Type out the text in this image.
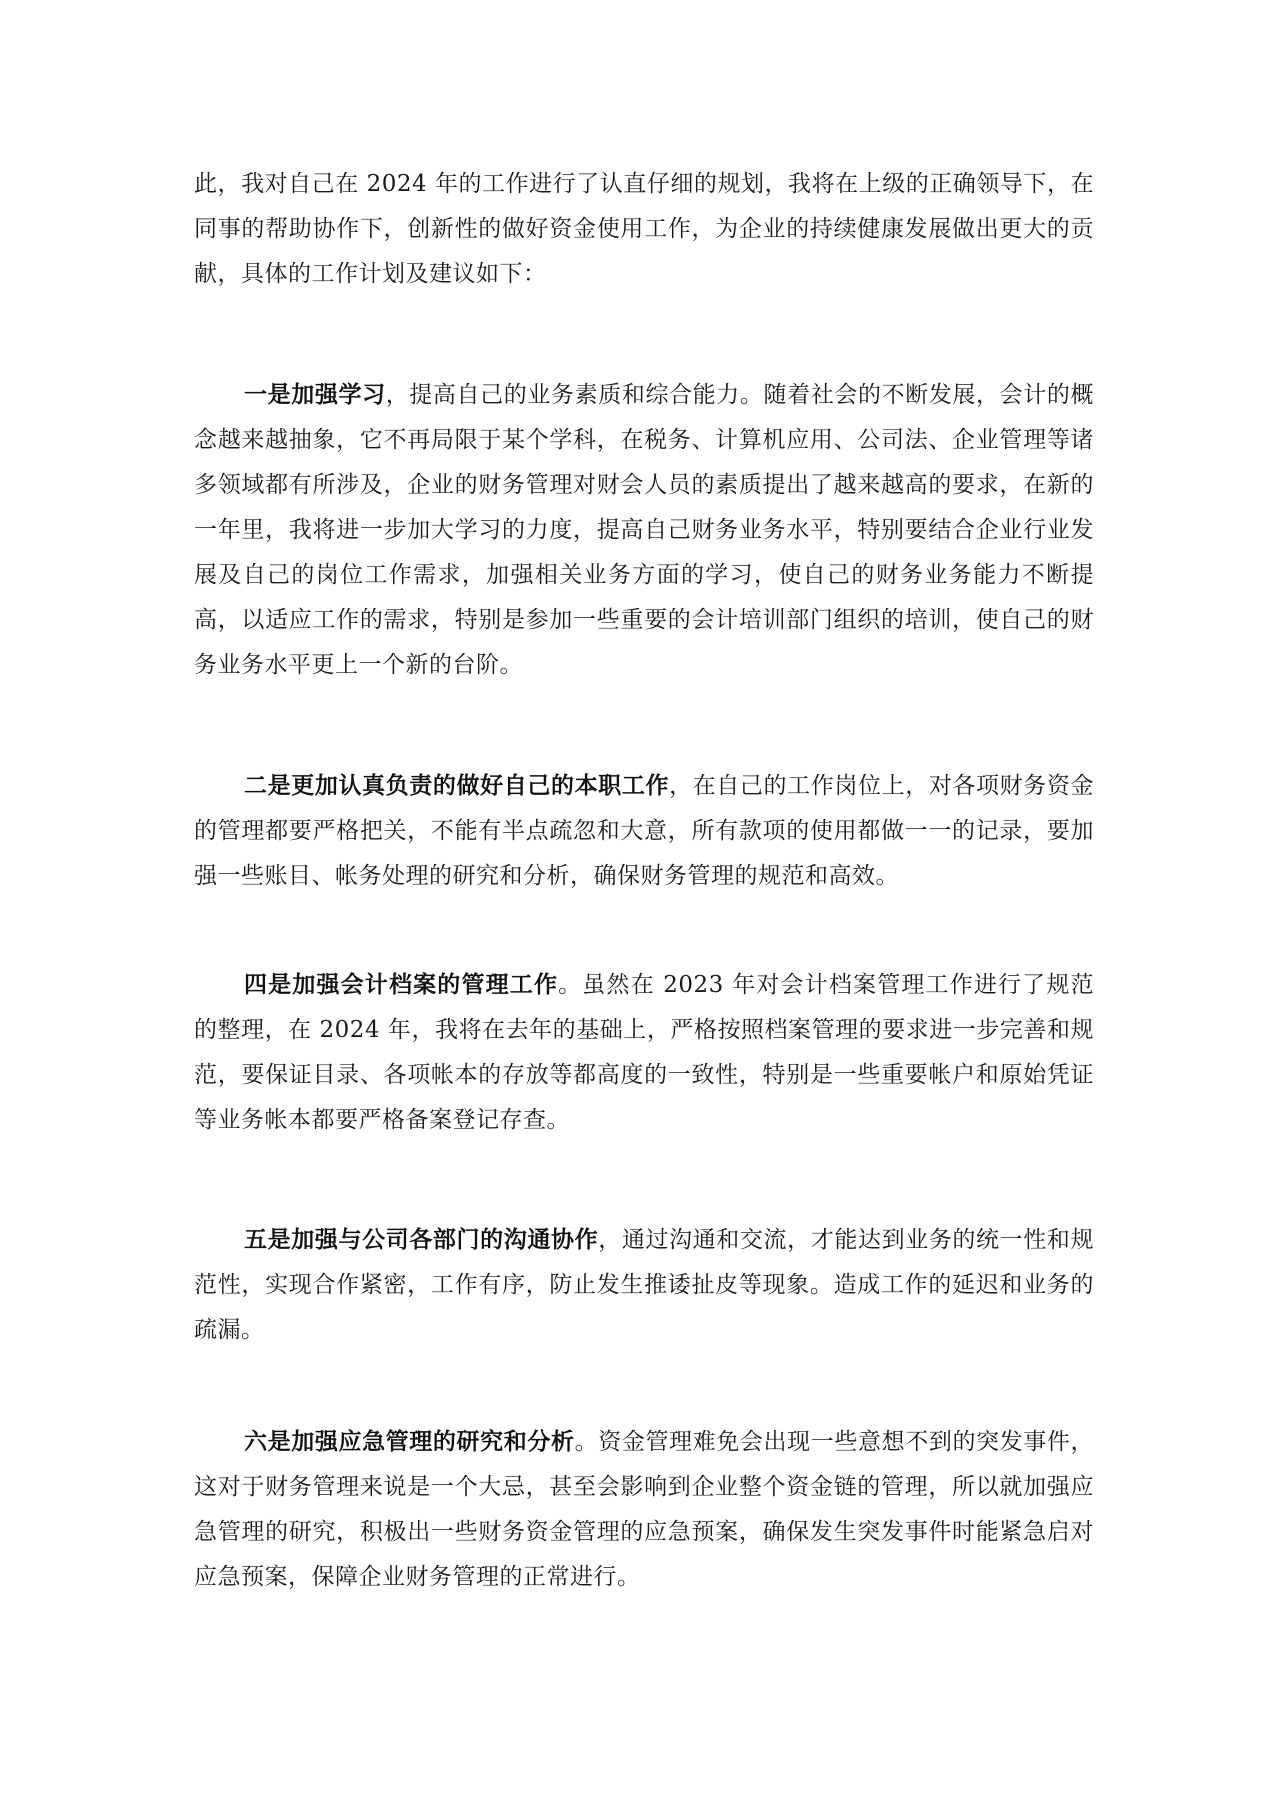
此，我对自己在 2024 年的工作进行了认直仔细的规划，我将在上级的正确领导下，在同事的帮助协作下，创新性的做好资金使用工作，为企业的持续健康发展做出更大的贡献，具体的工作计划及建议如下：

一是加强学习，提高自己的业务素质和综合能力。随着社会的不断发展，会计的概念越来越抽象，它不再局限于某个学科，在税务、计算机应用、公司法、企业管理等诸多领域都有所涉及，企业的财务管理对财会人员的素质提出了越来越高的要求，在新的一年里，我将进一步加大学习的力度，提高自己财务业务水平，特别要结合企业行业发展及自己的岗位工作需求，加强相关业务方面的学习，使自己的财务业务能力不断提高，以适应工作的需求，特别是参加一些重要的会计培训部门组织的培训，使自己的财务业务水平更上一个新的台阶。

二是更加认真负责的做好自己的本职工作，在自己的工作岗位上，对各项财务资金的管理都要严格把关，不能有半点疏忽和大意，所有款项的使用都做一一的记录，要加强一些账目、帐务处理的研究和分析，确保财务管理的规范和高效。

四是加强会计档案的管理工作。虽然在 2023 年对会计档案管理工作进行了规范的整理，在 2024 年，我将在去年的基础上，严格按照档案管理的要求进一步完善和规范，要保证目录、各项帐本的存放等都高度的一致性，特别是一些重要帐户和原始凭证等业务帐本都要严格备案登记存查。

五是加强与公司各部门的沟通协作，通过沟通和交流，才能达到业务的统一性和规范性，实现合作紧密，工作有序，防止发生推诿扯皮等现象。造成工作的延迟和业务的疏漏。

六是加强应急管理的研究和分析。资金管理难免会出现一些意想不到的突发事件，这对于财务管理来说是一个大忌，甚至会影响到企业整个资金链的管理，所以就加强应急管理的研究，积极出一些财务资金管理的应急预案，确保发生突发事件时能紧急启对应急预案，保障企业财务管理的正常进行。
